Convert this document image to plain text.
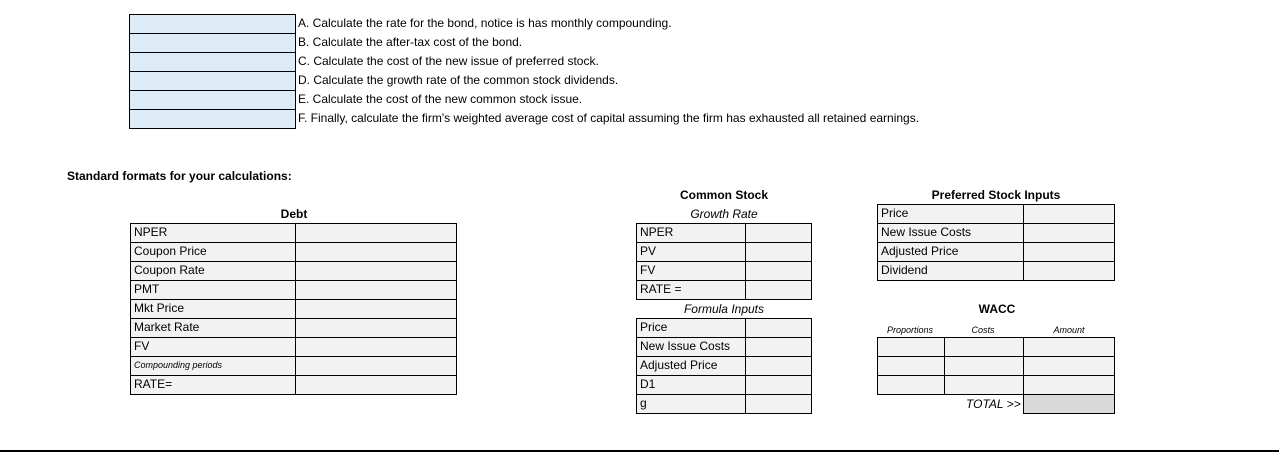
A. Calculate the rate for the bond, notice is has monthly compounding.
B. Calculate the after-tax cost of the bond.
C. Calculate the cost of the new issue of preferred stock.
D. Calculate the growth rate of the common stock dividends.
E. Calculate the cost of the new common stock issue.
F. Finally, calculate the firm's weighted average cost of capital assuming the firm has exhausted all retained earnings.
Standard formats for your calculations:
Debt
NPER
Coupon Price
Coupon Rate
PMT
Mkt Price
Market Rate
FV
Compounding periods
RATE=
Common Stock
Growth Rate
NPER
PV
FV
RATE =
Formula Inputs
Price
New Issue Costs
Adjusted Price
D1
g
Preferred Stock Inputs
Price
New Issue Costs
Adjusted Price
Dividend
WACC
Proportions	Costs	Amount
TOTAL >>
